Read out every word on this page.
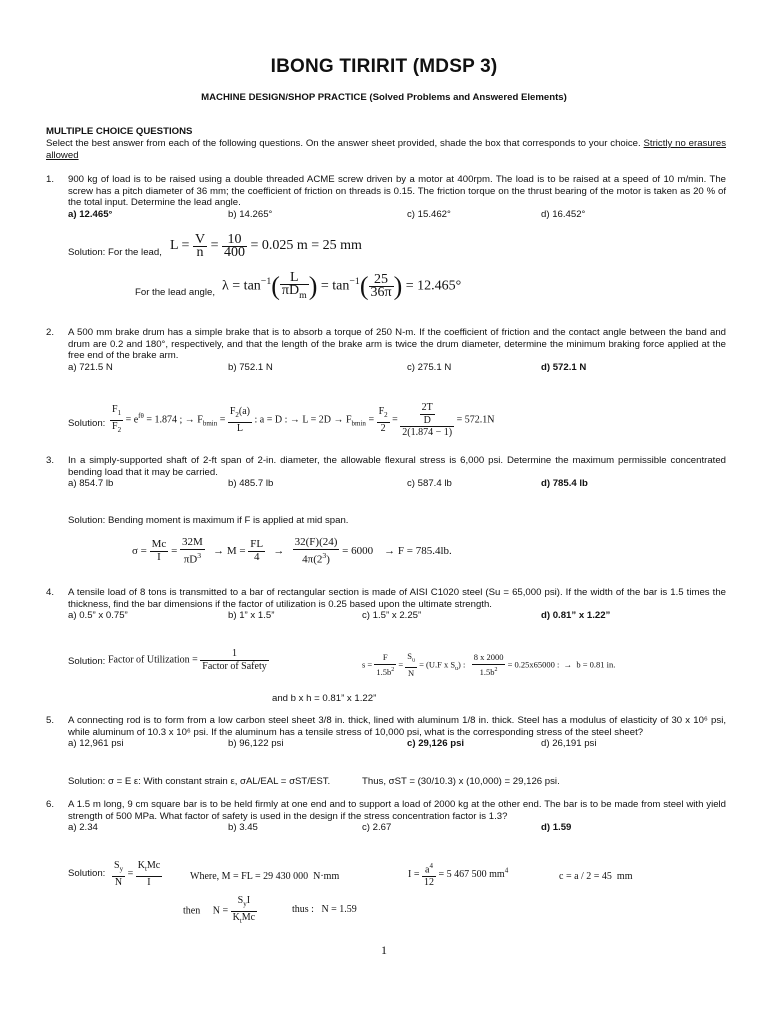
IBONG TIRIRIT (MDSP 3)
MACHINE DESIGN/SHOP PRACTICE (Solved Problems and Answered Elements)
MULTIPLE CHOICE QUESTIONS
Select the best answer from each of the following questions. On the answer sheet provided, shade the box that corresponds to your choice. Strictly no erasures allowed
1. 900 kg of load is to be raised using a double threaded ACME screw driven by a motor at 400rpm. The load is to be raised at a speed of 10 m/min. The screw has a pitch diameter of 36 mm; the coefficient of friction on threads is 0.15. The friction torque on the thrust bearing of the motor is taken as 20 % of the total input. Determine the lead angle.
a) 12.465°	b) 14.265°	c) 15.462°	d) 16.452°
Solution: For the lead, $L = \frac{V}{n} = \frac{10}{400} = 0.025$ m = 25 mm
For the lead angle, $\lambda = \tan^{-1}( \frac{L}{\pi D_m}$ ) = $\tan^{-1}( \frac{25}{36\pi}$ ) = 12.465°
2. A 500 mm brake drum has a simple brake that is to absorb a torque of 250 N-m. If the coefficient of friction and the contact angle between the band and drum are 0.2 and 180°, respectively, and that the length of the brake arm is twice the drum diameter, determine the minimum braking force applied at the free end of the brake arm.
a) 721.5 N	b) 752.1 N	c) 275.1 N	d) 572.1 N
Solution: $\frac{F_1}{F_2} = e^{f\theta} = 1.874$ ; → $F_{bmin} = \frac{F_2(a)}{L}$ : a = D : → $L = 2D \to F_{bmin} = \frac{F_2}{2} = \frac{\frac{2T}{D}}{2(1.874 - 1)} = 572.1N$
3. In a simply-supported shaft of 2-ft span of 2-in. diameter, the allowable flexural stress is 6,000 psi. Determine the maximum permissible concentrated bending load that it may be carried.
a) 854.7 lb	b) 485.7 lb	c) 587.4 lb	d) 785.4 lb
Solution: Bending moment is maximum if F is applied at mid span.
$\sigma = \frac{Mc}{I} = \frac{32M}{\pi D^3} \to M = \frac{FL}{4} \to \frac{32(F)(24)}{4\pi(2^3)} = 6000$    → F = 785.4lb.
4. A tensile load of 8 tons is transmitted to a bar of rectangular section is made of AISI C1020 steel (Su = 65,000 psi). If the width of the bar is 1.5 times the thickness, find the bar dimensions if the factor of utilization is 0.25 based upon the ultimate strength.
a) 0.5” x 0.75”	b) 1” x 1.5”	c) 1.5” x 2.25”	d) 0.81” x 1.22”
Solution: Factor of Utilization = $\frac{1}{\text{Factor of Safety}}$	$s = \frac{F}{1.5b^2} = \frac{S_u}{N} = (U.F$ x $S_u$) : $\frac{8 x 2000}{1.5b^2} = 0.25x65000$ :  →  b = 0.81 in.
and b x h = 0.81” x 1.22”
5. A connecting rod is to form from a low carbon steel sheet 3/8 in. thick, lined with aluminum 1/8 in. thick. Steel has a modulus of elasticity of 30 x 10⁶ psi, while aluminum of 10.3 x 10⁶ psi. If the aluminum has a tensile stress of 10,000 psi, what is the corresponding stress of the steel sheet?
a) 12,961 psi	b) 96,122 psi	c) 29,126 psi	d) 26,191 psi
Solution: σ = E ε: With constant strain ε, σAL/EAL = σST/EST.	Thus, σST = (30/10.3) x (10,000) = 29,126 psi.
6. A 1.5 m long, 9 cm square bar is to be held firmly at one end and to support a load of 2000 kg at the other end. The bar is to be made from steel with yield strength of 500 MPa. What factor of safety is used in the design if the stress concentration factor is 1.3?
a) 2.34	b) 3.45	c) 2.67	d) 1.59
Solution: $\frac{S_y}{N} = \frac{K_tMc}{I}$	Where, M = FL = 29 430 000  N·mm	$I = \frac{a^4}{12} = 5$ 467 500 $mm^4$
c = a / 2 = 45  mm
then     $N = \frac{S_yI}{K_tMc}$	thus :   N = 1.59
1
